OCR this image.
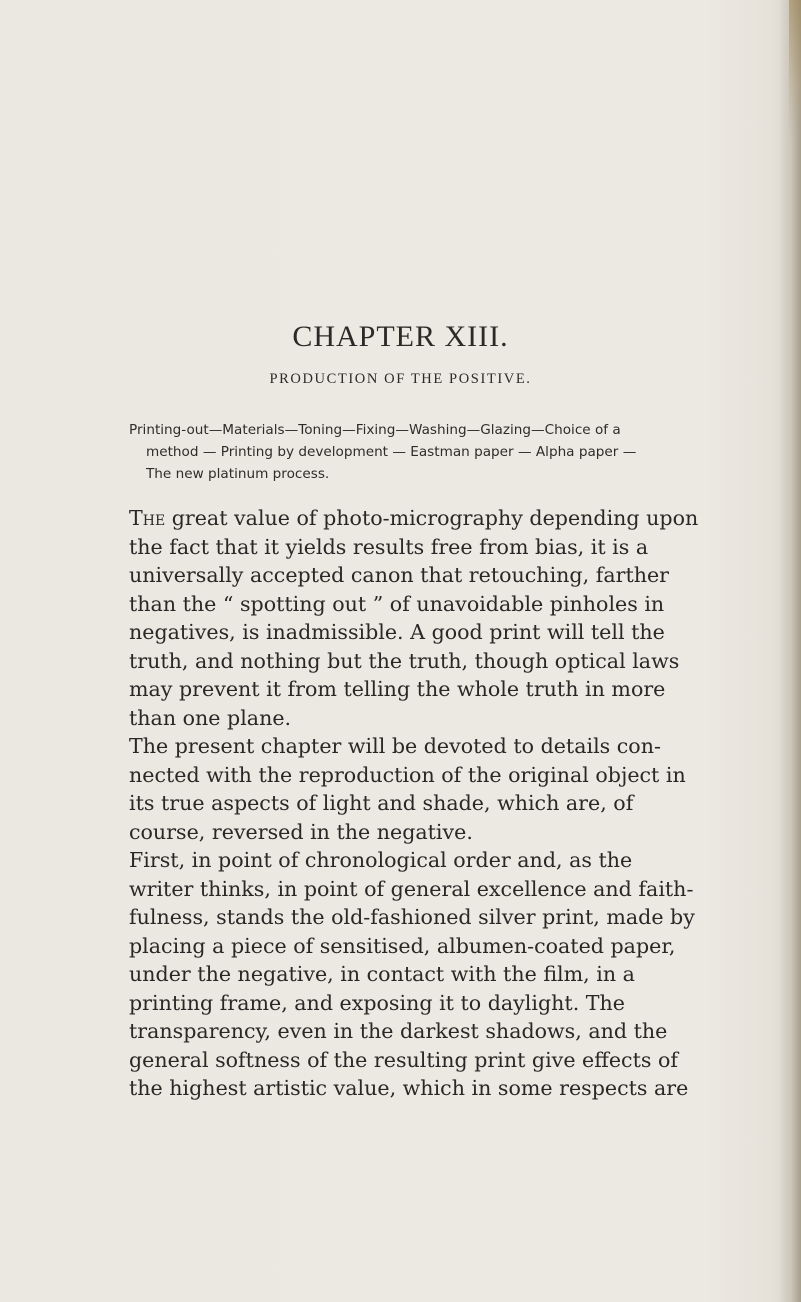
CHAPTER XIII.
PRODUCTION OF THE POSITIVE.
Printing-out—Materials—Toning—Fixing—Washing—Glazing—Choice of a
method — Printing by development — Eastman paper — Alpha paper —
The new platinum process.
The great value of photo-micrography depending upon
the fact that it yields results free from bias, it is a
universally accepted canon that retouching, farther
than the “ spotting out ” of unavoidable pinholes in
negatives, is inadmissible. A good print will tell the
truth, and nothing but the truth, though optical laws
may prevent it from telling the whole truth in more
than one plane.
The present chapter will be devoted to details con-
nected with the reproduction of the original object in
its true aspects of light and shade, which are, of
course, reversed in the negative.
First, in point of chronological order and, as the
writer thinks, in point of general excellence and faith-
fulness, stands the old-fashioned silver print, made by
placing a piece of sensitised, albumen-coated paper,
under the negative, in contact with the film, in a
printing frame, and exposing it to daylight. The
transparency, even in the darkest shadows, and the
general softness of the resulting print give effects of
the highest artistic value, which in some respects are
